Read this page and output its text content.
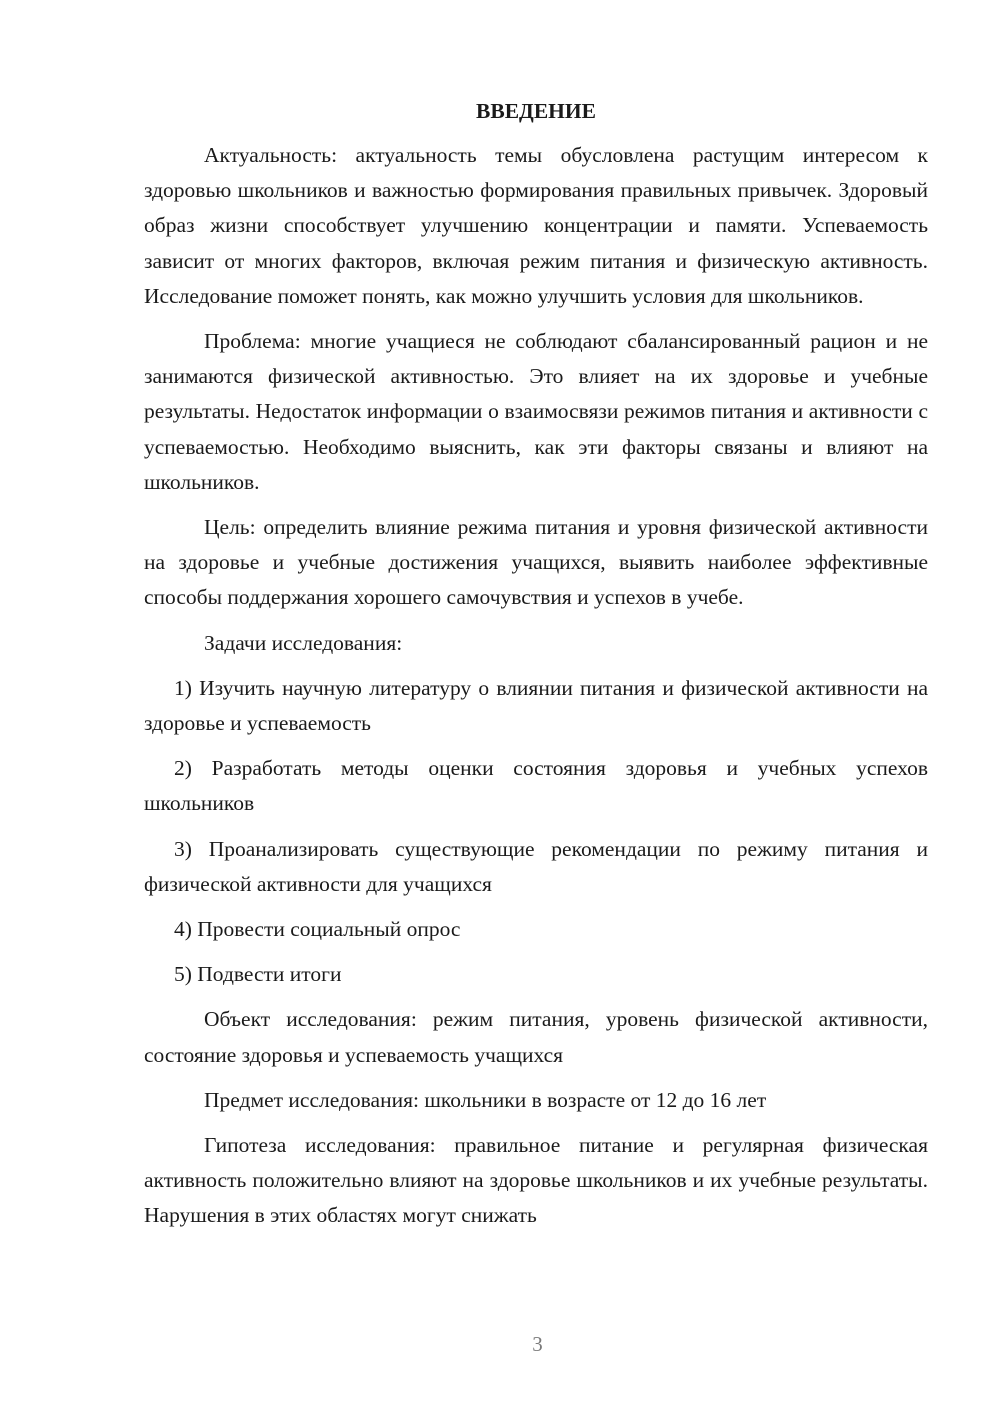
ВВЕДЕНИЕ

Актуальность: актуальность темы обусловлена растущим интересом к здоровью школьников и важностью формирования правильных привычек. Здоровый образ жизни способствует улучшению концентрации и памяти. Успеваемость зависит от многих факторов, включая режим питания и физическую активность. Исследование поможет понять, как можно улучшить условия для школьников.

Проблема: многие учащиеся не соблюдают сбалансированный рацион и не занимаются физической активностью. Это влияет на их здоровье и учебные результаты. Недостаток информации о взаимосвязи режимов питания и активности с успеваемостью. Необходимо выяснить, как эти факторы связаны и влияют на школьников.

Цель: определить влияние режима питания и уровня физической активности на здоровье и учебные достижения учащихся, выявить наиболее эффективные способы поддержания хорошего самочувствия и успехов в учебе.

Задачи исследования:

1) Изучить научную литературу о влиянии питания и физической активности на здоровье и успеваемость

2) Разработать методы оценки состояния здоровья и учебных успехов школьников

3) Проанализировать существующие рекомендации по режиму питания и физической активности для учащихся

4) Провести социальный опрос

5) Подвести итоги

Объект исследования: режим питания, уровень физической активности, состояние здоровья и успеваемость учащихся

Предмет исследования: школьники в возрасте от 12 до 16 лет

Гипотеза исследования: правильное питание и регулярная физическая активность положительно влияют на здоровье школьников и их учебные результаты. Нарушения в этих областях могут снижать

3
